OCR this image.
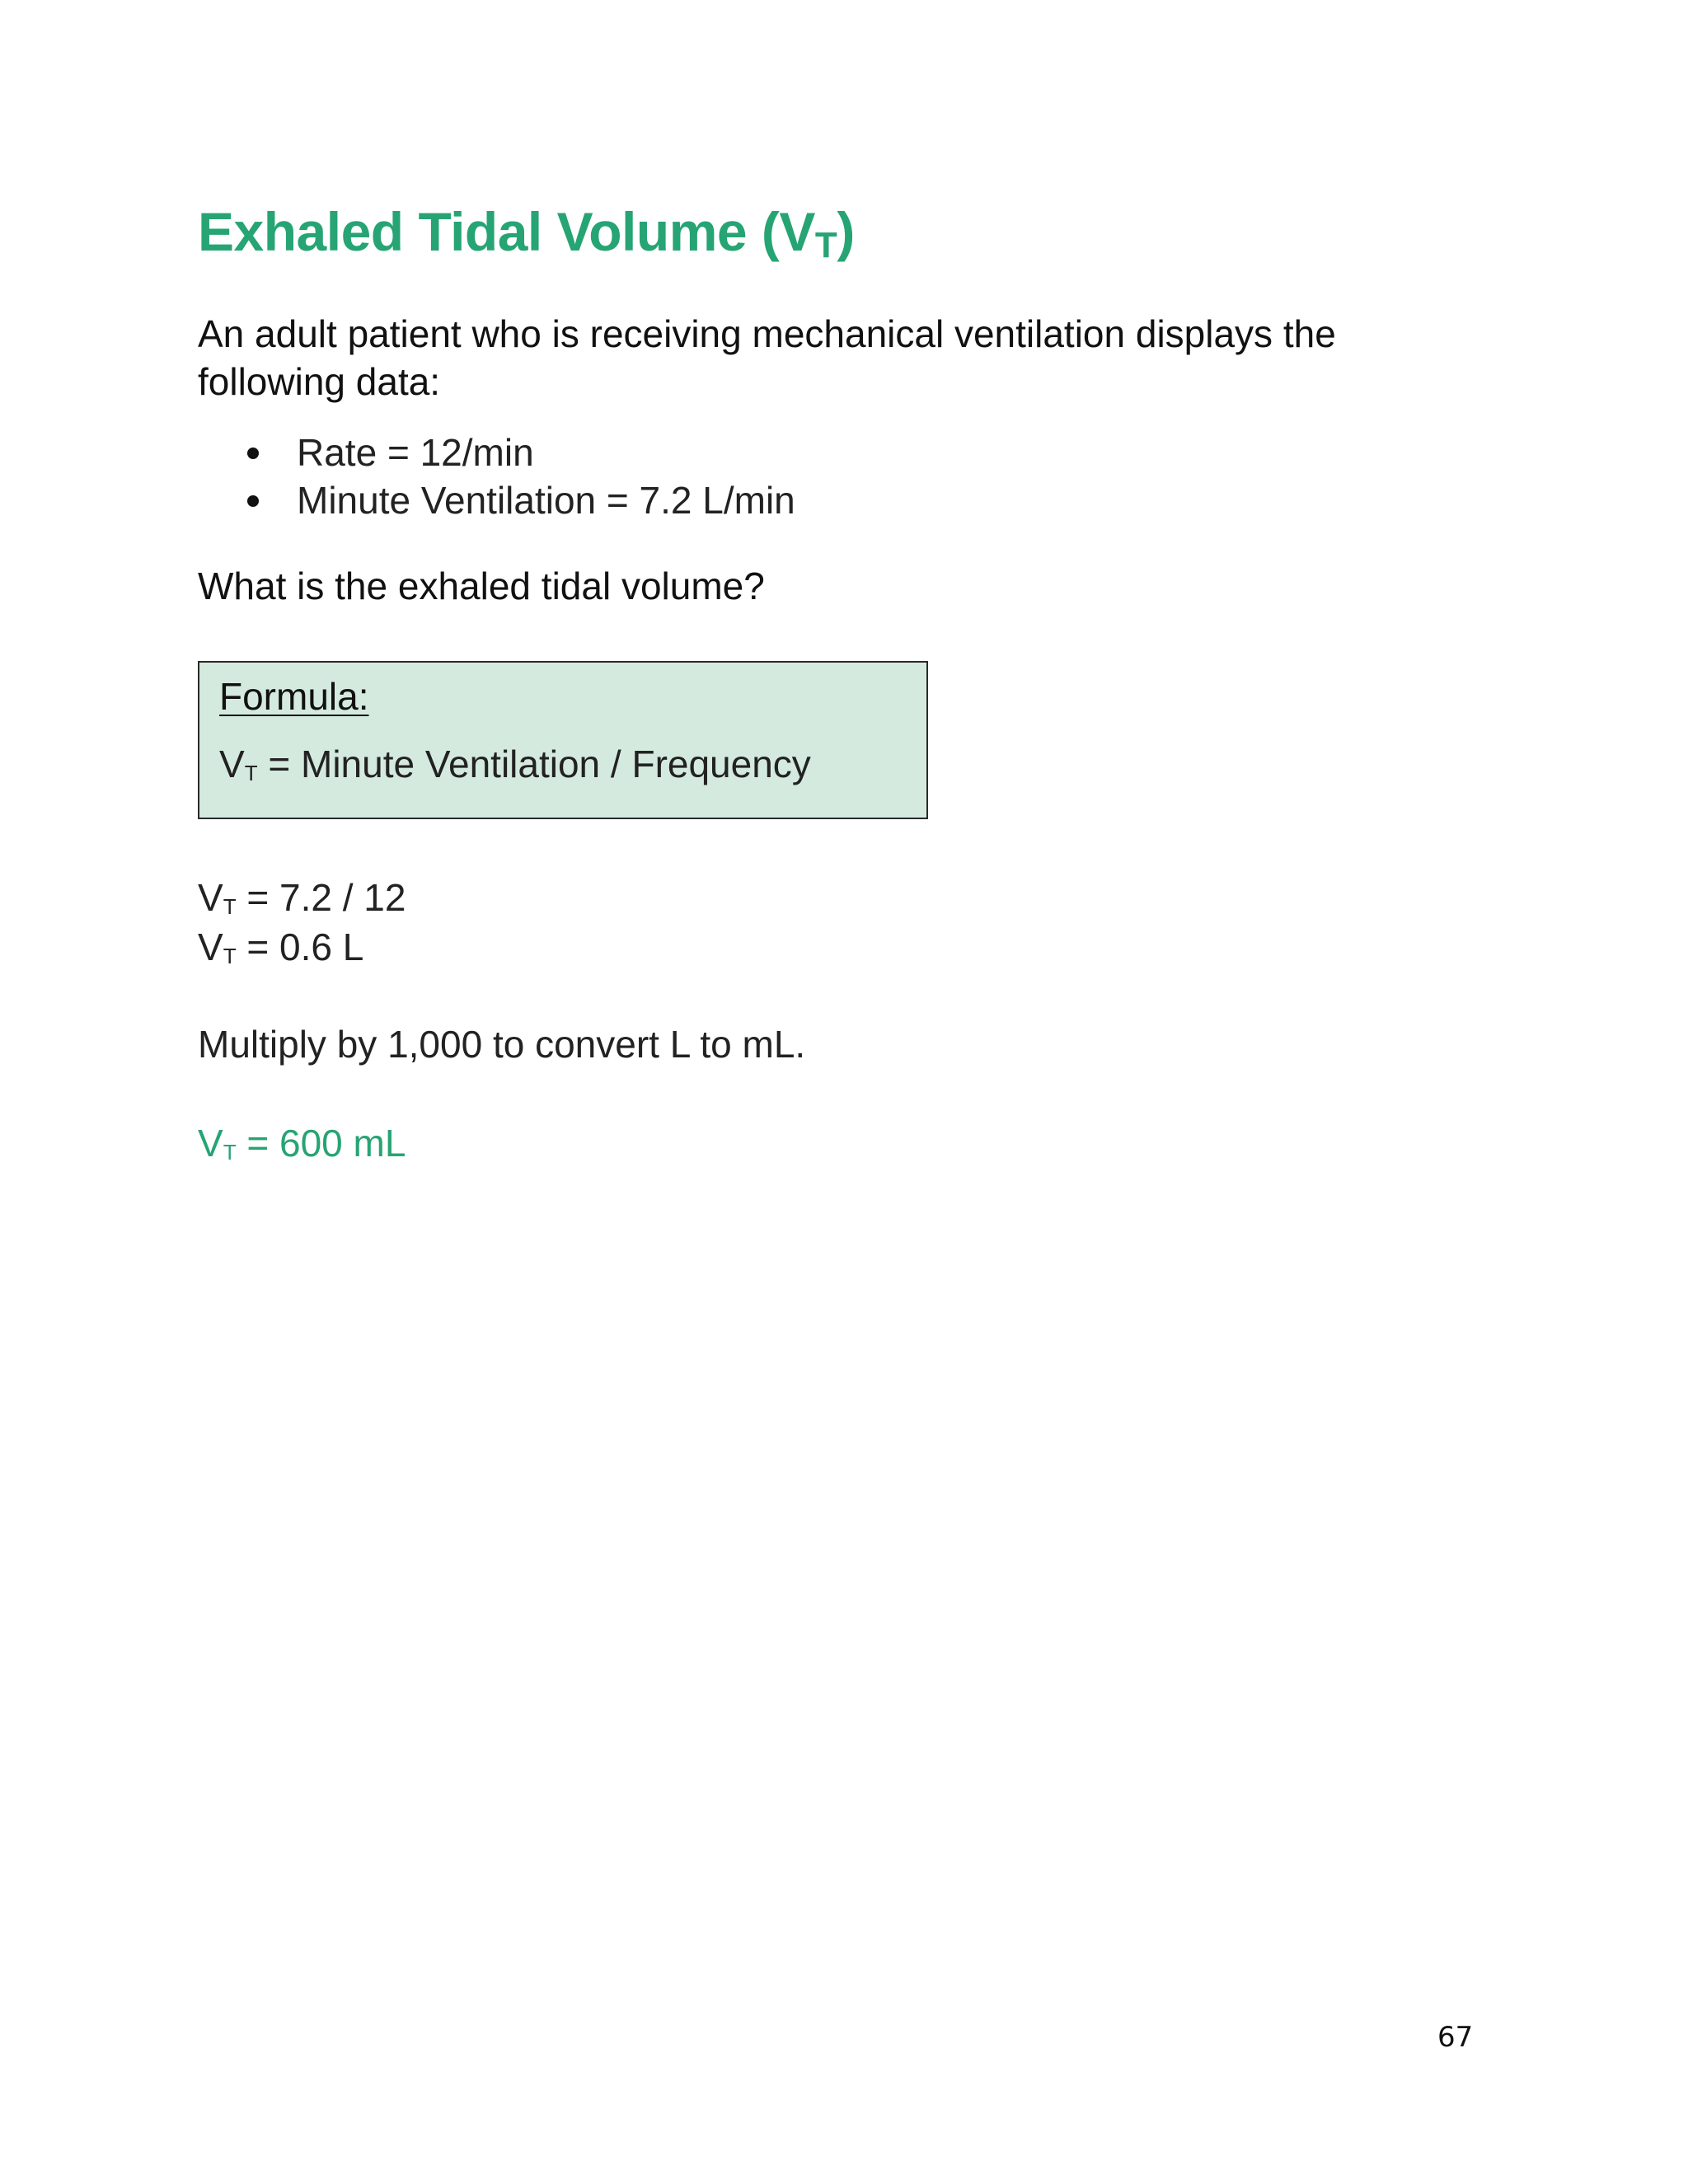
Exhaled Tidal Volume $(V_T)$

An adult patient who is receiving mechanical ventilation displays the following data:

Rate = 12/min
Minute Ventilation = 7.2 L/min

What is the exhaled tidal volume?

Formula:
$V_T$ = Minute Ventilation / Frequency
$V_T = 7.2 / 12$
$V_T = 0.6$ L
Multiply by 1,000 to convert L to mL.
$V_T = 600$ mL
67
